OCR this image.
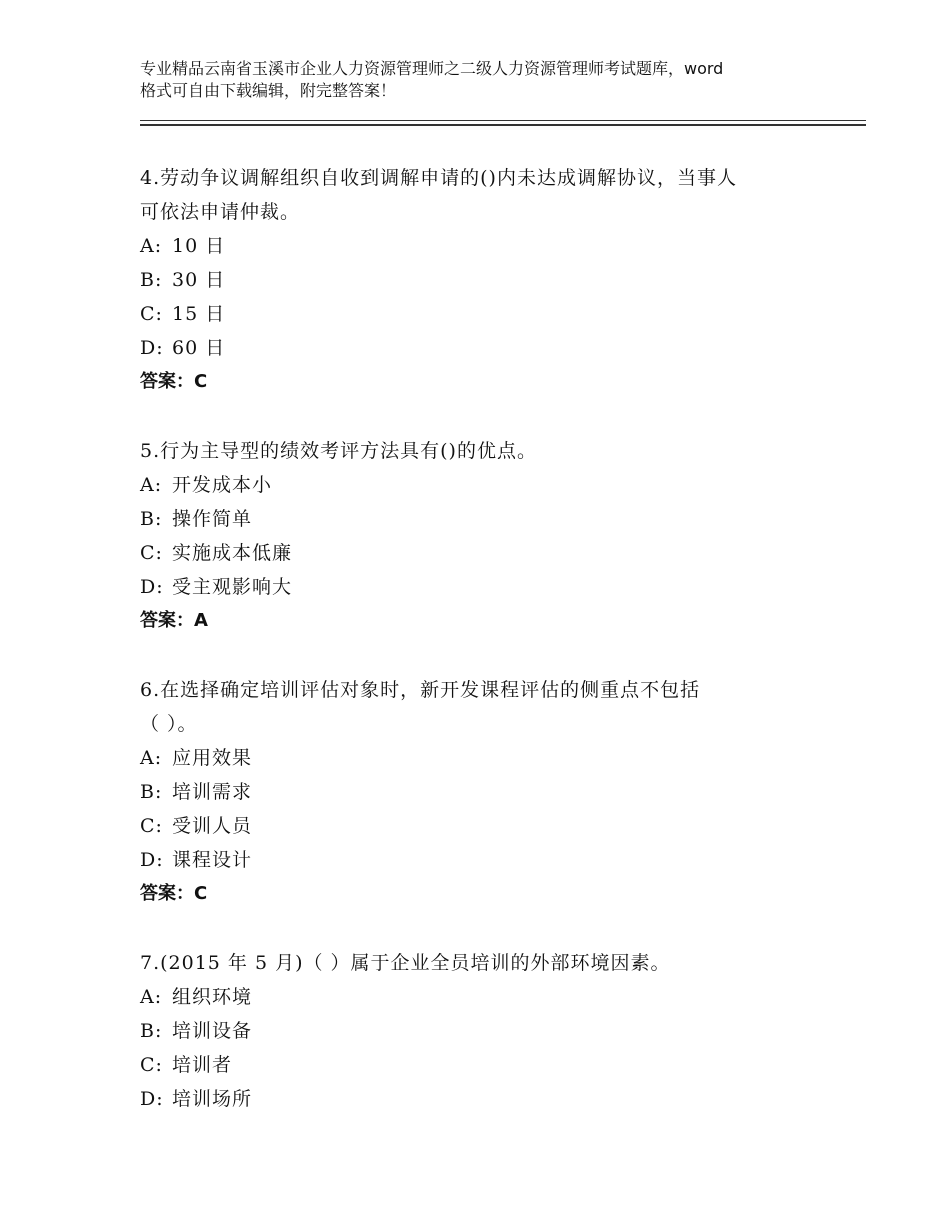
专业精品云南省玉溪市企业人力资源管理师之二级人力资源管理师考试题库，word
格式可自由下载编辑，附完整答案！
4.劳动争议调解组织自收到调解申请的()内未达成调解协议，当事人
可依法申请仲裁。
A: 10 日
B: 30 日
C: 15 日
D: 60 日
答案：C
5.行为主导型的绩效考评方法具有()的优点。
A: 开发成本小
B: 操作简单
C: 实施成本低廉
D: 受主观影响大
答案：A
6.在选择确定培训评估对象时，新开发课程评估的侧重点不包括
（ ）。
A: 应用效果
B: 培训需求
C: 受训人员
D: 课程设计
答案：C
7.(2015 年 5 月)（ ）属于企业全员培训的外部环境因素。
A: 组织环境
B: 培训设备
C: 培训者
D: 培训场所
